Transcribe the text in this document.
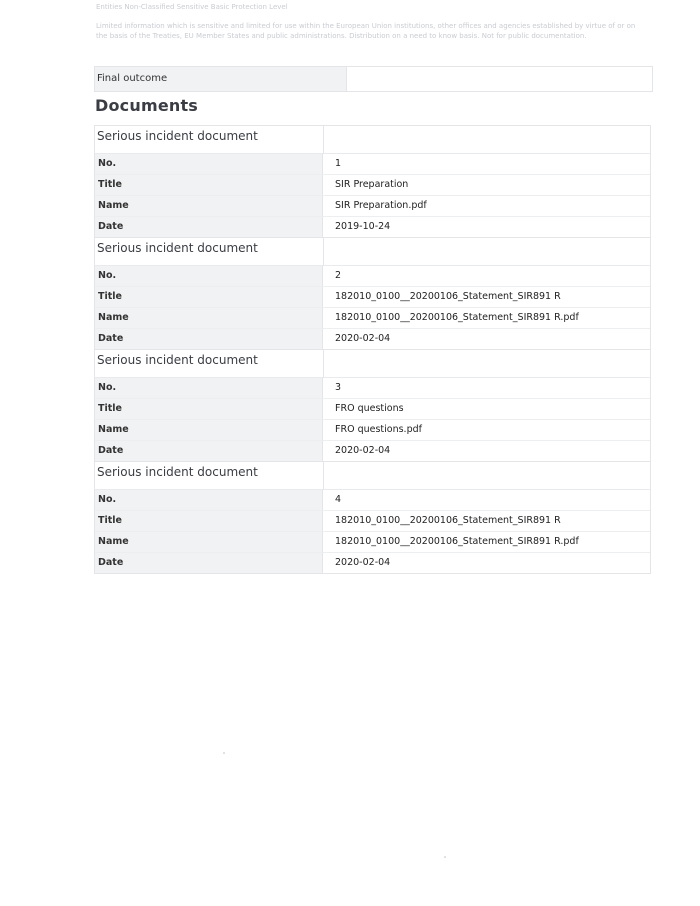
Entities Non-Classified Sensitive Basic Protection Level
Limited information which is sensitive and limited for use within the European Union institutions, other offices and agencies established by virtue of or on
the basis of the Treaties, EU Member States and public administrations. Distribution on a need to know basis. Not for public documentation.
Final outcome
Documents
Serious incident document
No.	1
Title	SIR Preparation
Name	SIR Preparation.pdf
Date	2019-10-24
Serious incident document
No.	2
Title	182010_0100__20200106_Statement_SIR891 R
Name	182010_0100__20200106_Statement_SIR891 R.pdf
Date	2020-02-04
Serious incident document
No.	3
Title	FRO questions
Name	FRO questions.pdf
Date	2020-02-04
Serious incident document
No.	4
Title	182010_0100__20200106_Statement_SIR891 R
Name	182010_0100__20200106_Statement_SIR891 R.pdf
Date	2020-02-04
